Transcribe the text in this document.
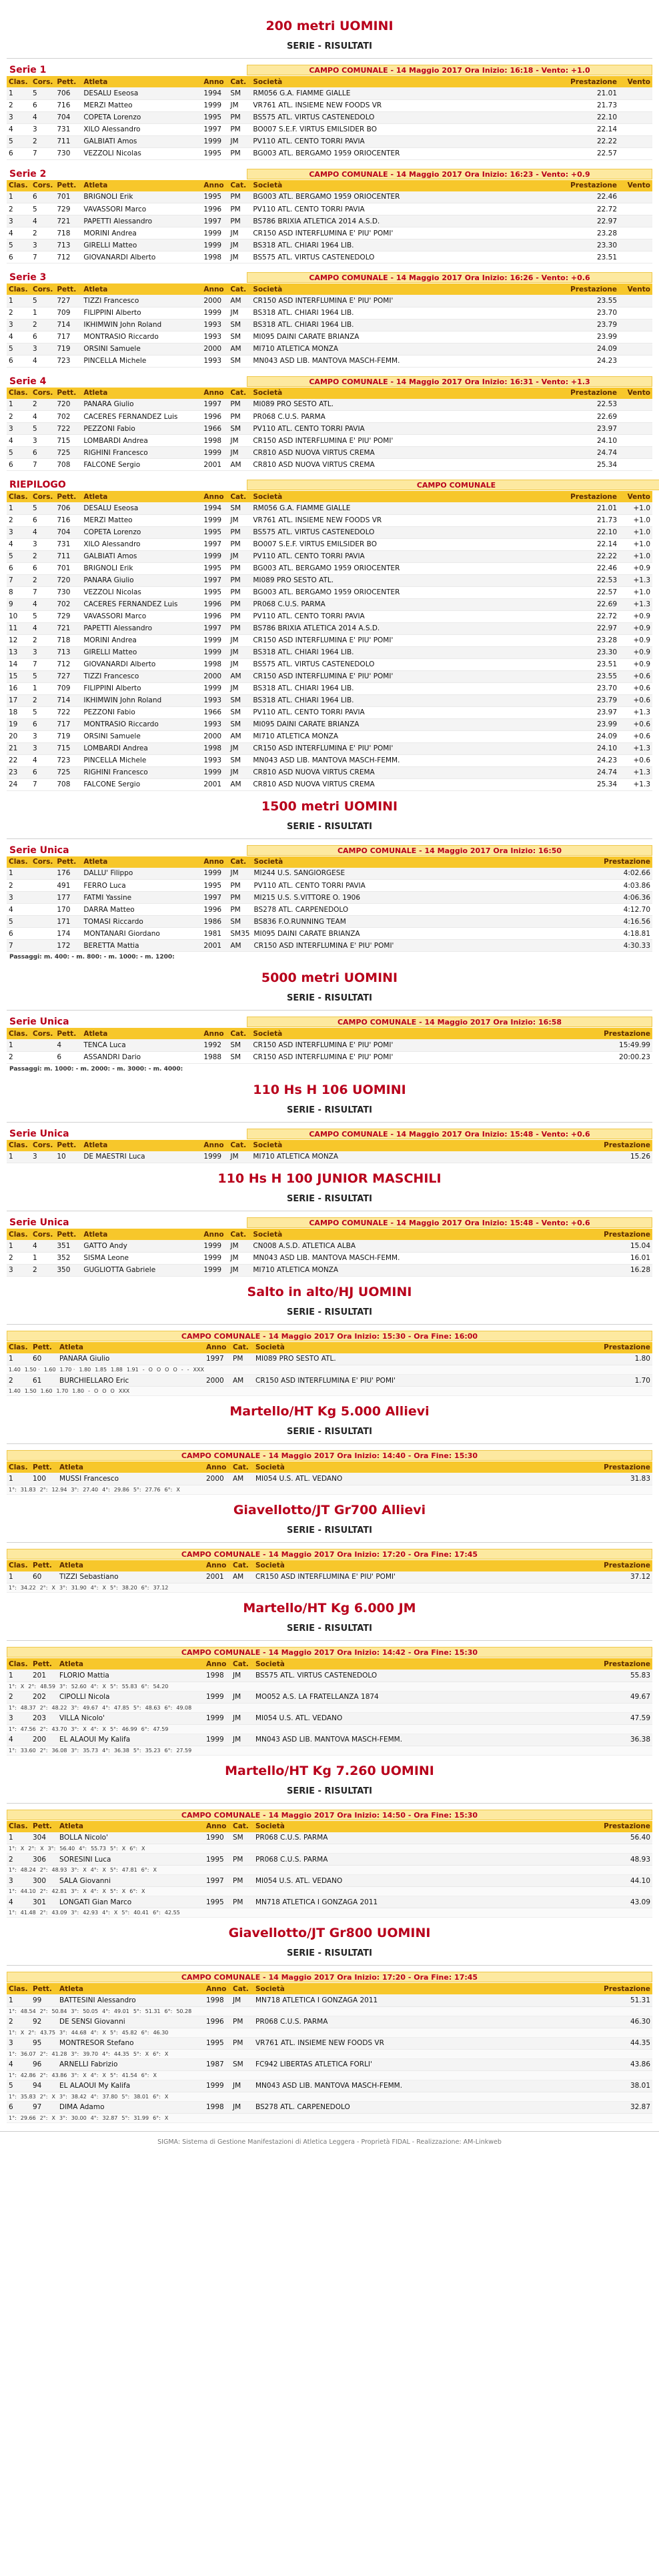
200 metri UOMINI
SERIE - RISULTATI
Serie 1	CAMPO COMUNALE - 14 Maggio 2017 Ora Inizio: 16:18 - Vento: +1.0
Clas.	Cors.	Pett.	Atleta	Anno	Cat.	Società	Prestazione	Vento
1	5	706	DESALU Eseosa	1994	SM	RM056 G.A. FIAMME GIALLE	21.01	
2	6	716	MERZI Matteo	1999	JM	VR761 ATL. INSIEME NEW FOODS VR	21.73	
3	4	704	COPETA Lorenzo	1995	PM	BS575 ATL. VIRTUS CASTENEDOLO	22.10	
4	3	731	XILO Alessandro	1997	PM	BO007 S.E.F. VIRTUS EMILSIDER BO	22.14	
5	2	711	GALBIATI Amos	1999	JM	PV110 ATL. CENTO TORRI PAVIA	22.22	
6	7	730	VEZZOLI Nicolas	1995	PM	BG003 ATL. BERGAMO 1959 ORIOCENTER	22.57	
Serie 2	CAMPO COMUNALE - 14 Maggio 2017 Ora Inizio: 16:23 - Vento: +0.9
Clas.	Cors.	Pett.	Atleta	Anno	Cat.	Società	Prestazione	Vento
1	6	701	BRIGNOLI Erik	1995	PM	BG003 ATL. BERGAMO 1959 ORIOCENTER	22.46	
2	5	729	VAVASSORI Marco	1996	PM	PV110 ATL. CENTO TORRI PAVIA	22.72	
3	4	721	PAPETTI Alessandro	1997	PM	BS786 BRIXIA ATLETICA 2014 A.S.D.	22.97	
4	2	718	MORINI Andrea	1999	JM	CR150 ASD INTERFLUMINA E' PIU' POMI'	23.28	
5	3	713	GIRELLI Matteo	1999	JM	BS318 ATL. CHIARI 1964 LIB.	23.30	
6	7	712	GIOVANARDI Alberto	1998	JM	BS575 ATL. VIRTUS CASTENEDOLO	23.51	
Serie 3	CAMPO COMUNALE - 14 Maggio 2017 Ora Inizio: 16:26 - Vento: +0.6
Clas.	Cors.	Pett.	Atleta	Anno	Cat.	Società	Prestazione	Vento
1	5	727	TIZZI Francesco	2000	AM	CR150 ASD INTERFLUMINA E' PIU' POMI'	23.55	
2	1	709	FILIPPINI Alberto	1999	JM	BS318 ATL. CHIARI 1964 LIB.	23.70	
3	2	714	IKHIMWIN John Roland	1993	SM	BS318 ATL. CHIARI 1964 LIB.	23.79	
4	6	717	MONTRASIO Riccardo	1993	SM	MI095 DAINI CARATE BRIANZA	23.99	
5	3	719	ORSINI Samuele	2000	AM	MI710 ATLETICA MONZA	24.09	
6	4	723	PINCELLA Michele	1993	SM	MN043 ASD LIB. MANTOVA MASCH-FEMM.	24.23	
Serie 4	CAMPO COMUNALE - 14 Maggio 2017 Ora Inizio: 16:31 - Vento: +1.3
Clas.	Cors.	Pett.	Atleta	Anno	Cat.	Società	Prestazione	Vento
1	2	720	PANARA Giulio	1997	PM	MI089 PRO SESTO ATL.	22.53	
2	4	702	CACERES FERNANDEZ Luis	1996	PM	PR068 C.U.S. PARMA	22.69	
3	5	722	PEZZONI Fabio	1966	SM	PV110 ATL. CENTO TORRI PAVIA	23.97	
4	3	715	LOMBARDI Andrea	1998	JM	CR150 ASD INTERFLUMINA E' PIU' POMI'	24.10	
5	6	725	RIGHINI Francesco	1999	JM	CR810 ASD NUOVA VIRTUS CREMA	24.74	
6	7	708	FALCONE Sergio	2001	AM	CR810 ASD NUOVA VIRTUS CREMA	25.34	
RIEPILOGO	CAMPO COMUNALE
Clas.	Cors.	Pett.	Atleta	Anno	Cat.	Società	Prestazione	Vento
1	5	706	DESALU Eseosa	1994	SM	RM056 G.A. FIAMME GIALLE	21.01	+1.0
2	6	716	MERZI Matteo	1999	JM	VR761 ATL. INSIEME NEW FOODS VR	21.73	+1.0
3	4	704	COPETA Lorenzo	1995	PM	BS575 ATL. VIRTUS CASTENEDOLO	22.10	+1.0
4	3	731	XILO Alessandro	1997	PM	BO007 S.E.F. VIRTUS EMILSIDER BO	22.14	+1.0
5	2	711	GALBIATI Amos	1999	JM	PV110 ATL. CENTO TORRI PAVIA	22.22	+1.0
6	6	701	BRIGNOLI Erik	1995	PM	BG003 ATL. BERGAMO 1959 ORIOCENTER	22.46	+0.9
7	2	720	PANARA Giulio	1997	PM	MI089 PRO SESTO ATL.	22.53	+1.3
8	7	730	VEZZOLI Nicolas	1995	PM	BG003 ATL. BERGAMO 1959 ORIOCENTER	22.57	+1.0
9	4	702	CACERES FERNANDEZ Luis	1996	PM	PR068 C.U.S. PARMA	22.69	+1.3
10	5	729	VAVASSORI Marco	1996	PM	PV110 ATL. CENTO TORRI PAVIA	22.72	+0.9
11	4	721	PAPETTI Alessandro	1997	PM	BS786 BRIXIA ATLETICA 2014 A.S.D.	22.97	+0.9
12	2	718	MORINI Andrea	1999	JM	CR150 ASD INTERFLUMINA E' PIU' POMI'	23.28	+0.9
13	3	713	GIRELLI Matteo	1999	JM	BS318 ATL. CHIARI 1964 LIB.	23.30	+0.9
14	7	712	GIOVANARDI Alberto	1998	JM	BS575 ATL. VIRTUS CASTENEDOLO	23.51	+0.9
15	5	727	TIZZI Francesco	2000	AM	CR150 ASD INTERFLUMINA E' PIU' POMI'	23.55	+0.6
16	1	709	FILIPPINI Alberto	1999	JM	BS318 ATL. CHIARI 1964 LIB.	23.70	+0.6
17	2	714	IKHIMWIN John Roland	1993	SM	BS318 ATL. CHIARI 1964 LIB.	23.79	+0.6
18	5	722	PEZZONI Fabio	1966	SM	PV110 ATL. CENTO TORRI PAVIA	23.97	+1.3
19	6	717	MONTRASIO Riccardo	1993	SM	MI095 DAINI CARATE BRIANZA	23.99	+0.6
20	3	719	ORSINI Samuele	2000	AM	MI710 ATLETICA MONZA	24.09	+0.6
21	3	715	LOMBARDI Andrea	1998	JM	CR150 ASD INTERFLUMINA E' PIU' POMI'	24.10	+1.3
22	4	723	PINCELLA Michele	1993	SM	MN043 ASD LIB. MANTOVA MASCH-FEMM.	24.23	+0.6
23	6	725	RIGHINI Francesco	1999	JM	CR810 ASD NUOVA VIRTUS CREMA	24.74	+1.3
24	7	708	FALCONE Sergio	2001	AM	CR810 ASD NUOVA VIRTUS CREMA	25.34	+1.3
1500 metri UOMINI
SERIE - RISULTATI
Serie Unica	CAMPO COMUNALE - 14 Maggio 2017 Ora Inizio: 16:50
Clas.	Cors.	Pett.	Atleta	Anno	Cat.	Società	Prestazione
1		176	DALLU' Filippo	1999	JM	MI244 U.S. SANGIORGESE	4:02.66
2		491	FERRO Luca	1995	PM	PV110 ATL. CENTO TORRI PAVIA	4:03.86
3		177	FATMI Yassine	1997	PM	MI215 U.S. S.VITTORE O. 1906	4:06.36
4		170	DARRA Matteo	1996	PM	BS278 ATL. CARPENEDOLO	4:12.70
5		171	TOMASI Riccardo	1986	SM	BS836 F.O.RUNNING TEAM	4:16.56
6		174	MONTANARI Giordano	1981	SM35	MI095 DAINI CARATE BRIANZA	4:18.81
7		172	BERETTA Mattia	2001	AM	CR150 ASD INTERFLUMINA E' PIU' POMI'	4:30.33
Passaggi: m. 400: - m. 800: - m. 1000: - m. 1200:
5000 metri UOMINI
SERIE - RISULTATI
Serie Unica	CAMPO COMUNALE - 14 Maggio 2017 Ora Inizio: 16:58
Clas.	Cors.	Pett.	Atleta	Anno	Cat.	Società	Prestazione
1		4	TENCA Luca	1992	SM	CR150 ASD INTERFLUMINA E' PIU' POMI'	15:49.99
2		6	ASSANDRI Dario	1988	SM	CR150 ASD INTERFLUMINA E' PIU' POMI'	20:00.23
Passaggi: m. 1000: - m. 2000: - m. 3000: - m. 4000:
110 Hs H 106 UOMINI
SERIE - RISULTATI
Serie Unica	CAMPO COMUNALE - 14 Maggio 2017 Ora Inizio: 15:48 - Vento: +0.6
Clas.	Cors.	Pett.	Atleta	Anno	Cat.	Società	Prestazione
1	3	10	DE MAESTRI Luca	1999	JM	MI710 ATLETICA MONZA	15.26
110 Hs H 100 JUNIOR MASCHILI
SERIE - RISULTATI
Serie Unica	CAMPO COMUNALE - 14 Maggio 2017 Ora Inizio: 15:48 - Vento: +0.6
Clas.	Cors.	Pett.	Atleta	Anno	Cat.	Società	Prestazione
1	4	351	GATTO Andy	1999	JM	CN008 A.S.D. ATLETICA ALBA	15.04
2	1	352	SISMA Leone	1999	JM	MN043 ASD LIB. MANTOVA MASCH-FEMM.	16.01
3	2	350	GUGLIOTTA Gabriele	1999	JM	MI710 ATLETICA MONZA	16.28
Salto in alto/HJ UOMINI
SERIE - RISULTATI
CAMPO COMUNALE - 14 Maggio 2017 Ora Inizio: 15:30 - Ora Fine: 16:00
Clas.	Pett.	Atleta	Anno	Cat.	Società	Prestazione
1	60	PANARA Giulio	1997	PM	MI089 PRO SESTO ATL.	1.80
1.40 1.50 · 1.60 1.70 · 1.80 1.85 1.88 1.91 - O O O O - - XXX						
2	61	BURCHIELLARO Eric	2000	AM	CR150 ASD INTERFLUMINA E' PIU' POMI'	1.70
1.40 1.50 1.60 1.70 1.80 - O O O XXX						
Martello/HT Kg 5.000 Allievi
SERIE - RISULTATI
CAMPO COMUNALE - 14 Maggio 2017 Ora Inizio: 14:40 - Ora Fine: 15:30
Clas.	Pett.	Atleta	Anno	Cat.	Società	Prestazione
1	100	MUSSI Francesco	2000	AM	MI054 U.S. ATL. VEDANO	31.83
1°: 31.83 2°: 12.94 3°: 27.40 4°: 29.86 5°: 27.76 6°: X						
Giavellotto/JT Gr700 Allievi
SERIE - RISULTATI
CAMPO COMUNALE - 14 Maggio 2017 Ora Inizio: 17:20 - Ora Fine: 17:45
Clas.	Pett.	Atleta	Anno	Cat.	Società	Prestazione
1	60	TIZZI Sebastiano	2001	AM	CR150 ASD INTERFLUMINA E' PIU' POMI'	37.12
1°: 34.22 2°: X 3°: 31.90 4°: X 5°: 38.20 6°: 37.12						
Martello/HT Kg 6.000 JM
SERIE - RISULTATI
CAMPO COMUNALE - 14 Maggio 2017 Ora Inizio: 14:42 - Ora Fine: 15:30
Clas.	Pett.	Atleta	Anno	Cat.	Società	Prestazione
1	201	FLORIO Mattia	1998	JM	BS575 ATL. VIRTUS CASTENEDOLO	55.83
1°: X 2°: 48.59 3°: 52.60 4°: X 5°: 55.83 6°: 54.20						
2	202	CIPOLLI Nicola	1999	JM	MO052 A.S. LA FRATELLANZA 1874	49.67
1°: 48.37 2°: 48.22 3°: 49.67 4°: 47.85 5°: 48.63 6°: 49.08						
3	203	VILLA Nicolo'	1999	JM	MI054 U.S. ATL. VEDANO	47.59
1°: 47.56 2°: 43.70 3°: X 4°: X 5°: 46.99 6°: 47.59						
4	200	EL ALAOUI My Kalifa	1999	JM	MN043 ASD LIB. MANTOVA MASCH-FEMM.	36.38
1°: 33.60 2°: 36.08 3°: 35.73 4°: 36.38 5°: 35.23 6°: 27.59						
Martello/HT Kg 7.260 UOMINI
SERIE - RISULTATI
CAMPO COMUNALE - 14 Maggio 2017 Ora Inizio: 14:50 - Ora Fine: 15:30
Clas.	Pett.	Atleta	Anno	Cat.	Società	Prestazione
1	304	BOLLA Nicolo'	1990	SM	PR068 C.U.S. PARMA	56.40
1°: X 2°: X 3°: 56.40 4°: 55.73 5°: X 6°: X						
2	306	SORESINI Luca	1995	PM	PR068 C.U.S. PARMA	48.93
1°: 48.24 2°: 48.93 3°: X 4°: X 5°: 47.81 6°: X						
3	300	SALA Giovanni	1997	PM	MI054 U.S. ATL. VEDANO	44.10
1°: 44.10 2°: 42.81 3°: X 4°: X 5°: X 6°: X						
4	301	LONGATI Gian Marco	1995	PM	MN718 ATLETICA I GONZAGA 2011	43.09
1°: 41.48 2°: 43.09 3°: 42.93 4°: X 5°: 40.41 6°: 42.55						
Giavellotto/JT Gr800 UOMINI
SERIE - RISULTATI
CAMPO COMUNALE - 14 Maggio 2017 Ora Inizio: 17:20 - Ora Fine: 17:45
Clas.	Pett.	Atleta	Anno	Cat.	Società	Prestazione
1	99	BATTESINI Alessandro	1998	JM	MN718 ATLETICA I GONZAGA 2011	51.31
1°: 48.54 2°: 50.84 3°: 50.05 4°: 49.01 5°: 51.31 6°: 50.28						
2	92	DE SENSI Giovanni	1996	PM	PR068 C.U.S. PARMA	46.30
1°: X 2°: 43.75 3°: 44.68 4°: X 5°: 45.82 6°: 46.30						
3	95	MONTRESOR Stefano	1995	PM	VR761 ATL. INSIEME NEW FOODS VR	44.35
1°: 36.07 2°: 41.28 3°: 39.70 4°: 44.35 5°: X 6°: X						
4	96	ARNELLI Fabrizio	1987	SM	FC942 LIBERTAS ATLETICA FORLI'	43.86
1°: 42.86 2°: 43.86 3°: X 4°: X 5°: 41.54 6°: X						
5	94	EL ALAOUI My Kalifa	1999	JM	MN043 ASD LIB. MANTOVA MASCH-FEMM.	38.01
1°: 35.83 2°: X 3°: 38.42 4°: 37.80 5°: 38.01 6°: X						
6	97	DIMA Adamo	1998	JM	BS278 ATL. CARPENEDOLO	32.87
1°: 29.66 2°: X 3°: 30.00 4°: 32.87 5°: 31.99 6°: X						
SIGMA: Sistema di Gestione Manifestazioni di Atletica Leggera - Proprietà FIDAL - Realizzazione: AM-Linkweb
